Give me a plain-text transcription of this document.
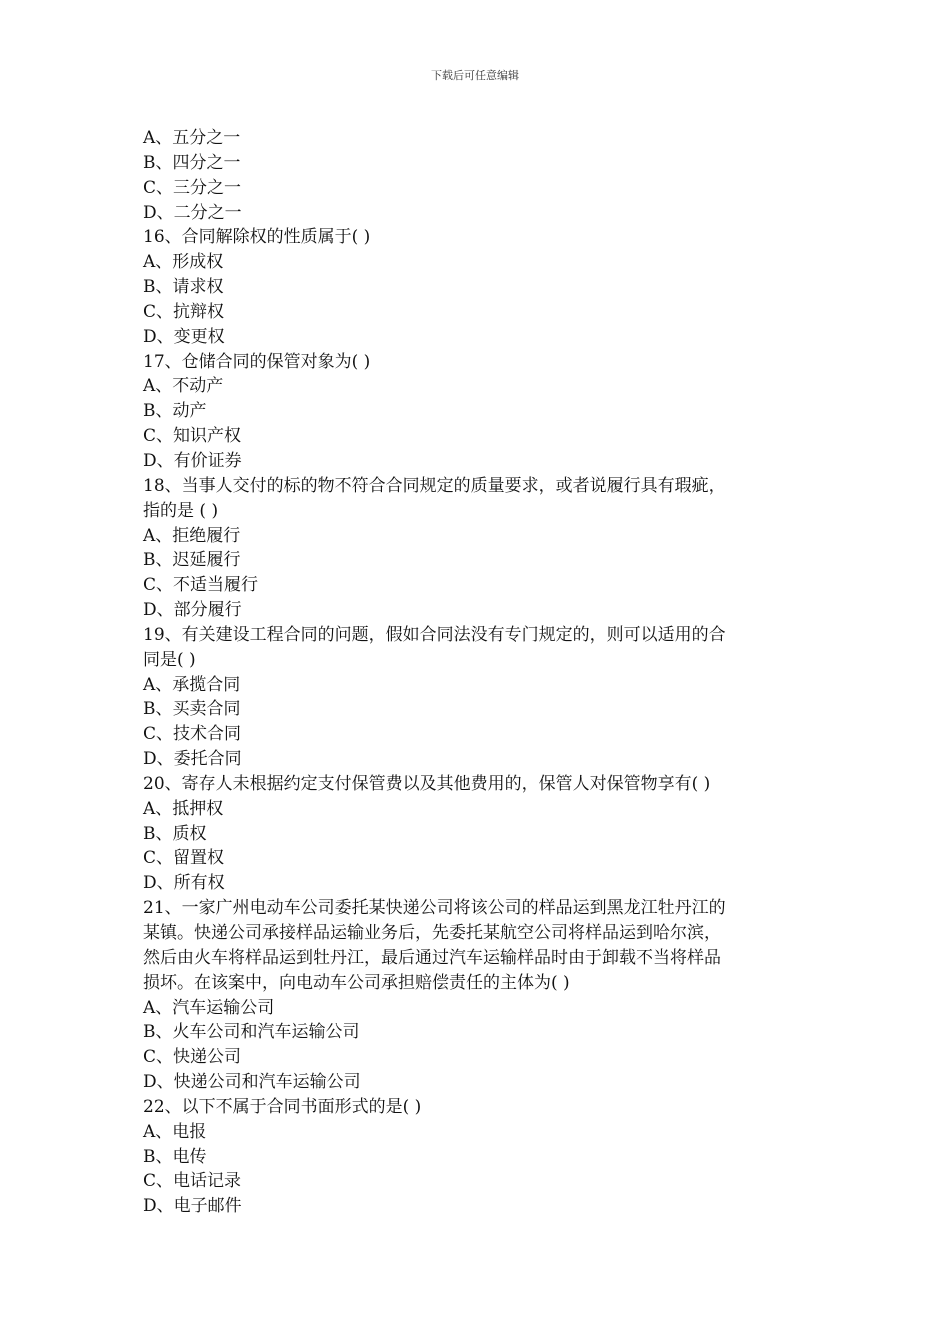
下载后可任意编辑

A、五分之一

B、四分之一

C、三分之一

D、二分之一

16、合同解除权的性质属于( )

A、形成权

B、请求权

C、抗辩权

D、变更权

17、仓储合同的保管对象为( )

A、不动产

B、动产

C、知识产权

D、有价证券

18、当事人交付的标的物不符合合同规定的质量要求，或者说履行具有瑕疵，

指的是 ( )

A、拒绝履行

B、迟延履行

C、不适当履行

D、部分履行

19、有关建设工程合同的问题，假如合同法没有专门规定的，则可以适用的合

同是( )

A、承揽合同

B、买卖合同

C、技术合同

D、委托合同

20、寄存人未根据约定支付保管费以及其他费用的，保管人对保管物享有( )

A、抵押权

B、质权

C、留置权

D、所有权

21、一家广州电动车公司委托某快递公司将该公司的样品运到黑龙江牡丹江的

某镇。快递公司承接样品运输业务后，先委托某航空公司将样品运到哈尔滨，

然后由火车将样品运到牡丹江，最后通过汽车运输样品时由于卸载不当将样品

损坏。在该案中，向电动车公司承担赔偿责任的主体为( )

A、汽车运输公司

B、火车公司和汽车运输公司

C、快递公司

D、快递公司和汽车运输公司

22、以下不属于合同书面形式的是( )

A、电报

B、电传

C、电话记录

D、电子邮件
